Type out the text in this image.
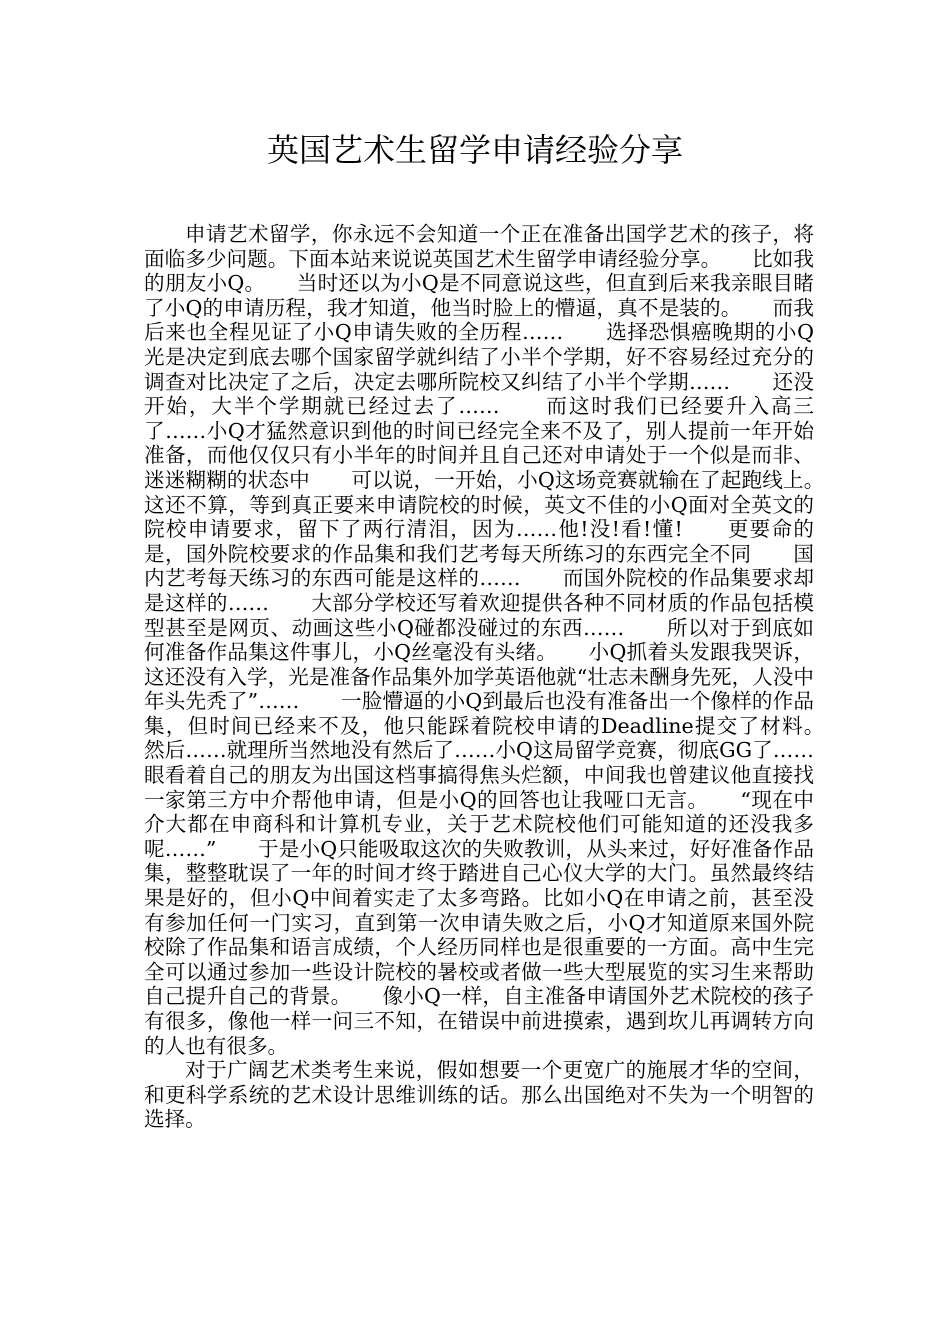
英国艺术生留学申请经验分享

申请艺术留学，你永远不会知道一个正在准备出国学艺术的孩子，将面临多少问题。下面本站来说说英国艺术生留学申请经验分享。　　比如我的朋友小Q。　　当时还以为小Q是不同意说这些，但直到后来我亲眼目睹了小Q的申请历程，我才知道，他当时脸上的懵逼，真不是装的。　　而我后来也全程见证了小Q申请失败的全历程……　　选择恐惧癌晚期的小Q光是决定到底去哪个国家留学就纠结了小半个学期，好不容易经过充分的调查对比决定了之后，决定去哪所院校又纠结了小半个学期……　　还没开始，大半个学期就已经过去了……　　而这时我们已经要升入高三了……小Q才猛然意识到他的时间已经完全来不及了，别人提前一年开始准备，而他仅仅只有小半年的时间并且自己还对申请处于一个似是而非、迷迷糊糊的状态中　　可以说，一开始，小Q这场竞赛就输在了起跑线上。　　这还不算，等到真正要来申请院校的时候，英文不佳的小Q面对全英文的院校申请要求，留下了两行清泪，因为……他!没!看!懂!　　更要命的是，国外院校要求的作品集和我们艺考每天所练习的东西完全不同　　国内艺考每天练习的东西可能是这样的……　　而国外院校的作品集要求却是这样的……　　大部分学校还写着欢迎提供各种不同材质的作品包括模型甚至是网页、动画这些小Q碰都没碰过的东西……　　所以对于到底如何准备作品集这件事儿，小Q丝毫没有头绪。　　小Q抓着头发跟我哭诉，这还没有入学，光是准备作品集外加学英语他就“壮志未酬身先死，人没中年头先秃了”……　　一脸懵逼的小Q到最后也没有准备出一个像样的作品集，但时间已经来不及，他只能踩着院校申请的Deadline提交了材料。　　然后……就理所当然地没有然后了……小Q这局留学竞赛，彻底GG了……　　眼看着自己的朋友为出国这档事搞得焦头烂额，中间我也曾建议他直接找一家第三方中介帮他申请，但是小Q的回答也让我哑口无言。　　“现在中介大都在申商科和计算机专业，关于艺术院校他们可能知道的还没我多呢……”　　于是小Q只能吸取这次的失败教训，从头来过，好好准备作品集，整整耽误了一年的时间才终于踏进自己心仪大学的大门。虽然最终结果是好的，但小Q中间着实走了太多弯路。比如小Q在申请之前，甚至没有参加任何一门实习，直到第一次申请失败之后，小Q才知道原来国外院校除了作品集和语言成绩，个人经历同样也是很重要的一方面。高中生完全可以通过参加一些设计院校的暑校或者做一些大型展览的实习生来帮助自己提升自己的背景。　　像小Q一样，自主准备申请国外艺术院校的孩子有很多，像他一样一问三不知，在错误中前进摸索，遇到坎儿再调转方向的人也有很多。

对于广阔艺术类考生来说，假如想要一个更宽广的施展才华的空间，和更科学系统的艺术设计思维训练的话。那么出国绝对不失为一个明智的选择。
